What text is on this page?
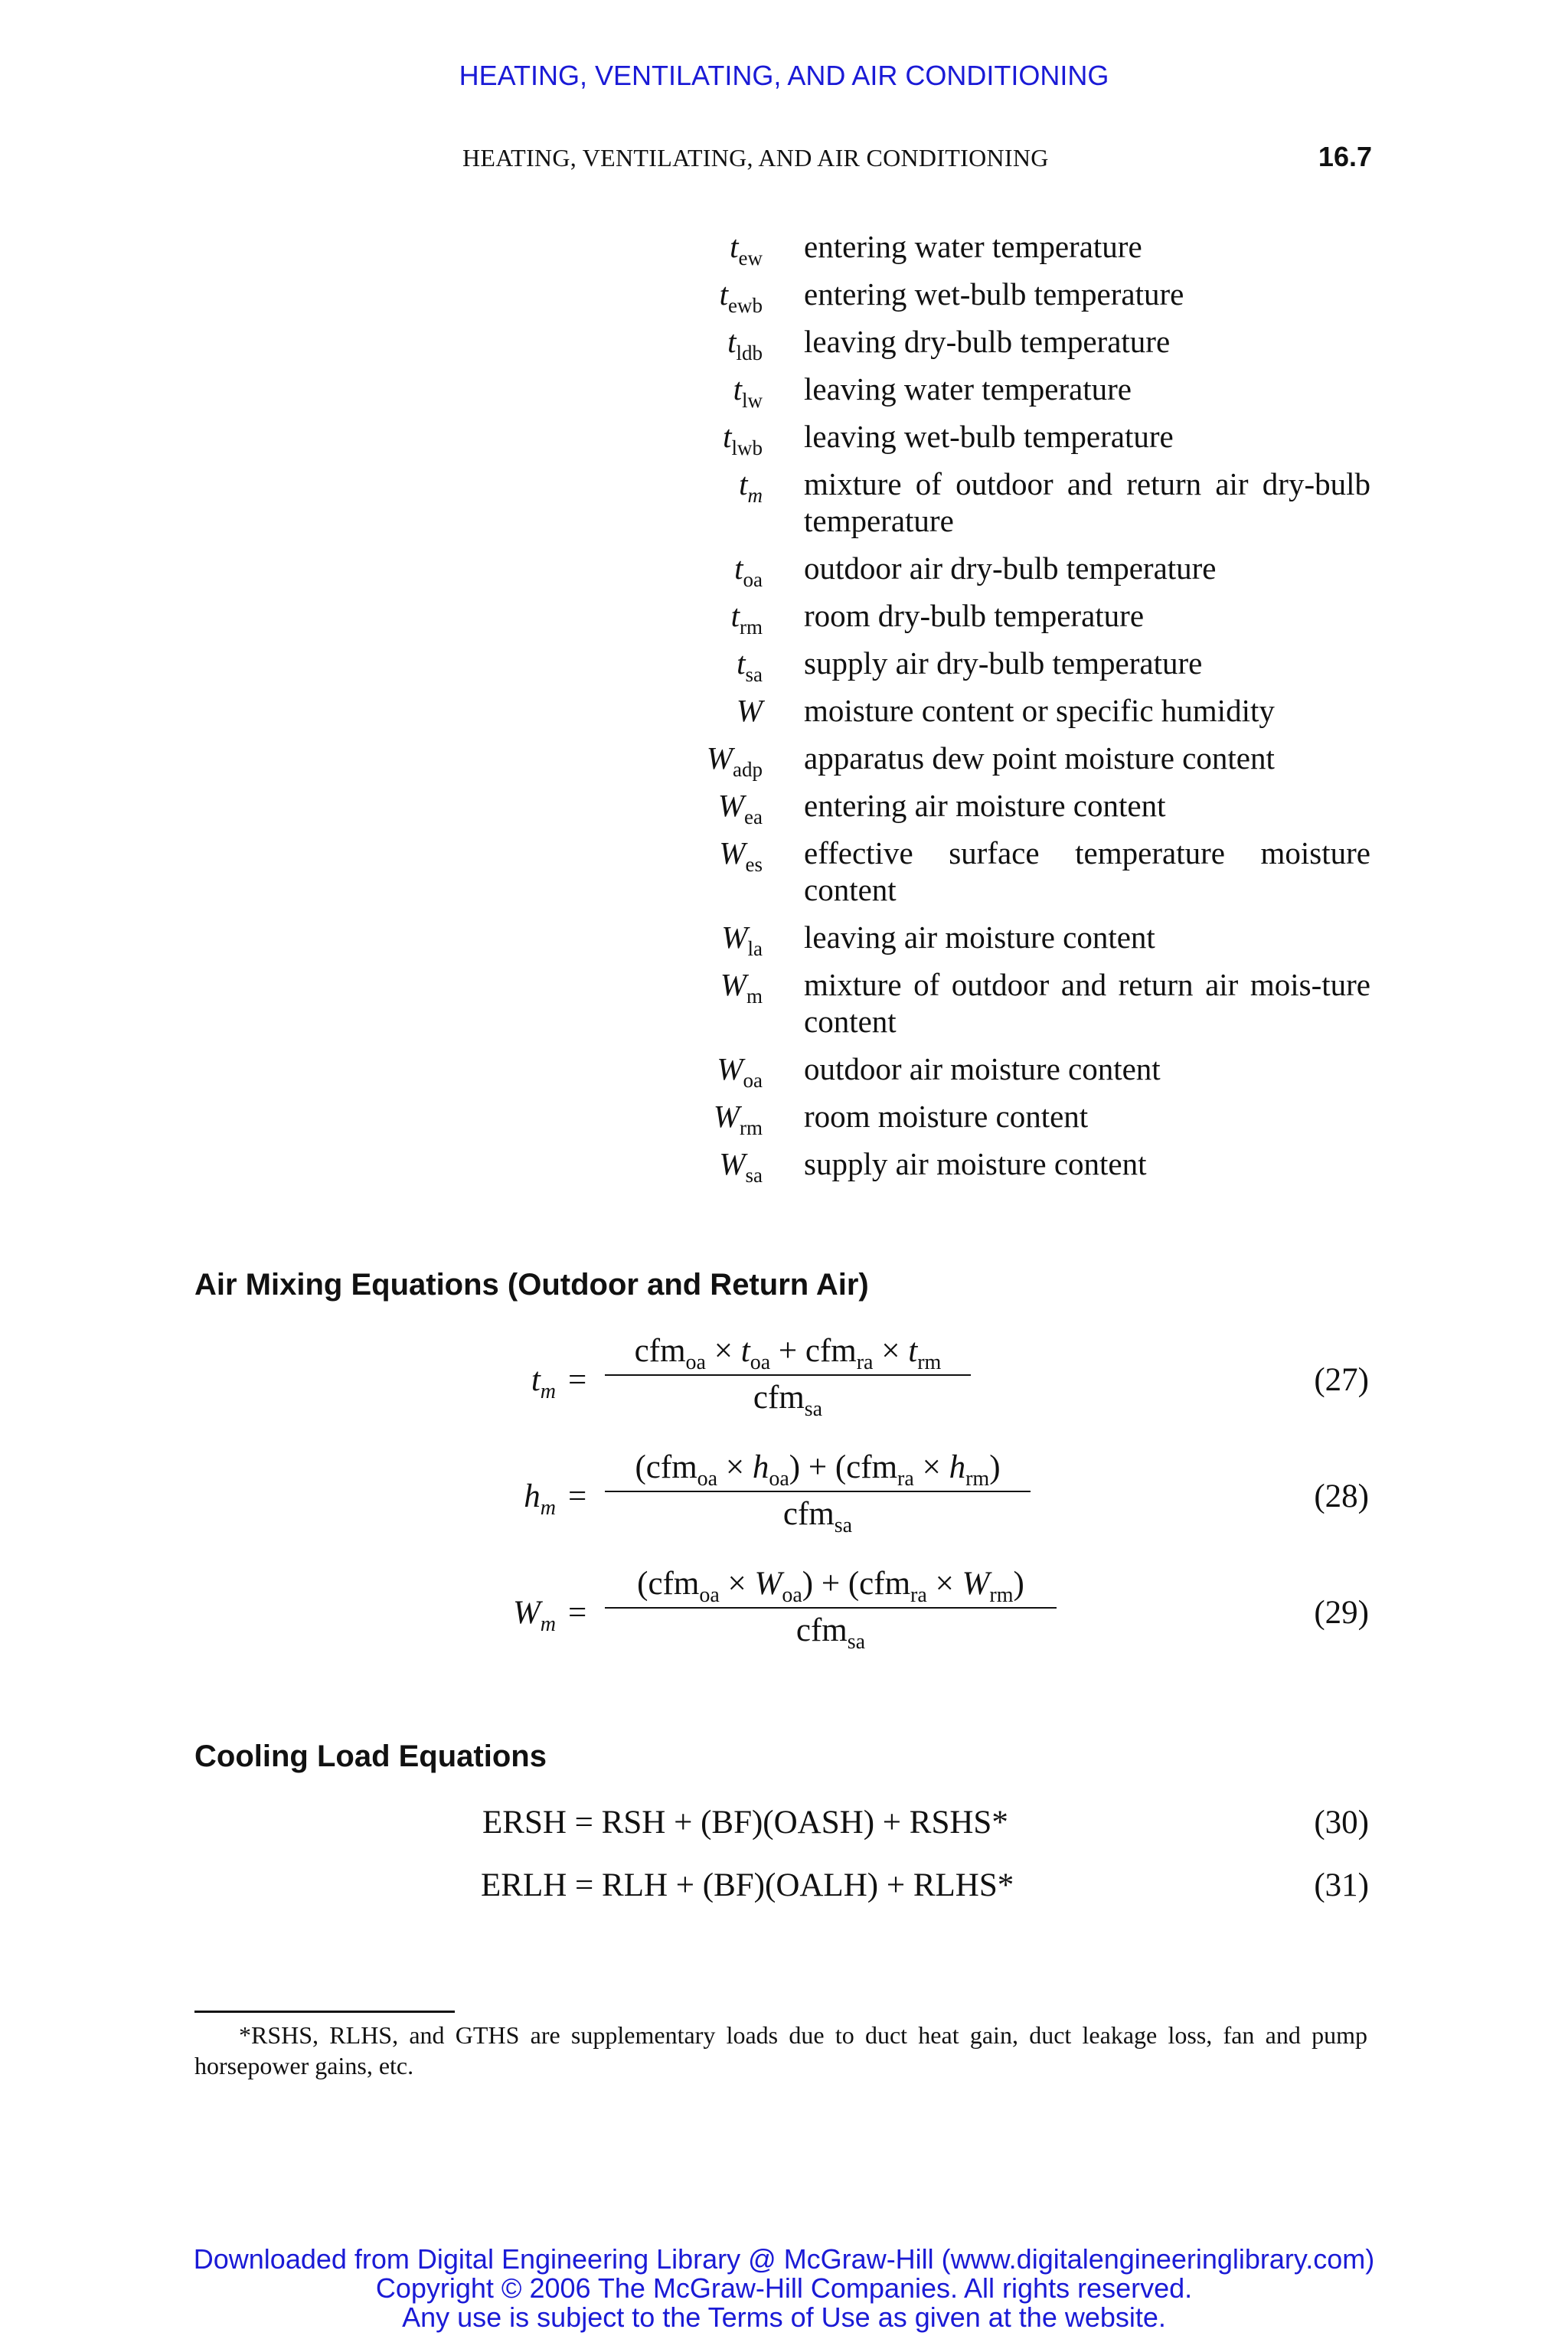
HEATING, VENTILATING, AND AIR CONDITIONING
HEATING, VENTILATING, AND AIR CONDITIONING	16.7
$t_{ew}$ entering water temperature
$t_{ewb}$ entering wet-bulb temperature
$t_{ldb}$ leaving dry-bulb temperature
$t_{lw}$ leaving water temperature
$t_{lwb}$ leaving wet-bulb temperature
$t_m$ mixture of outdoor and return air dry-bulb temperature
$t_{oa}$ outdoor air dry-bulb temperature
$t_{rm}$ room dry-bulb temperature
$t_{sa}$ supply air dry-bulb temperature
W moisture content or specific humidity
$W_{adp}$ apparatus dew point moisture content
$W_{ea}$ entering air moisture content
$W_{es}$ effective surface temperature moisture content
$W_{la}$ leaving air moisture content
$W_m$ mixture of outdoor and return air mois-ture content
$W_{oa}$ outdoor air moisture content
$W_{rm}$ room moisture content
$W_{sa}$ supply air moisture content
Air Mixing Equations (Outdoor and Return Air)
$t_m$ =
$cfm_{oa} \times t_{oa} + cfm_{ra} \times t_{rm}$
cfm$_{sa}$
(27)
$h_m$ =
$(cfm_{oa} \times h_{oa}) + (cfm_{ra} \times h_{rm})$
cfm$_{sa}$
(28)
$W_m$ =
$(cfm_{oa} \times W_{oa}) + (cfm_{ra} \times W_{rm})$
cfm$_{sa}$
(29)
Cooling Load Equations
ERSH = RSH + (BF)(OASH) + RSHS*	(30)
ERLH = RLH + (BF)(OALH) + RLHS*	(31)
*RSHS, RLHS, and GTHS are supplementary loads due to duct heat gain, duct leakage loss, fan and pump horsepower gains, etc.
Downloaded from Digital Engineering Library @ McGraw-Hill (www.digitalengineeringlibrary.com)
Copyright © 2006 The McGraw-Hill Companies. All rights reserved.
Any use is subject to the Terms of Use as given at the website.
